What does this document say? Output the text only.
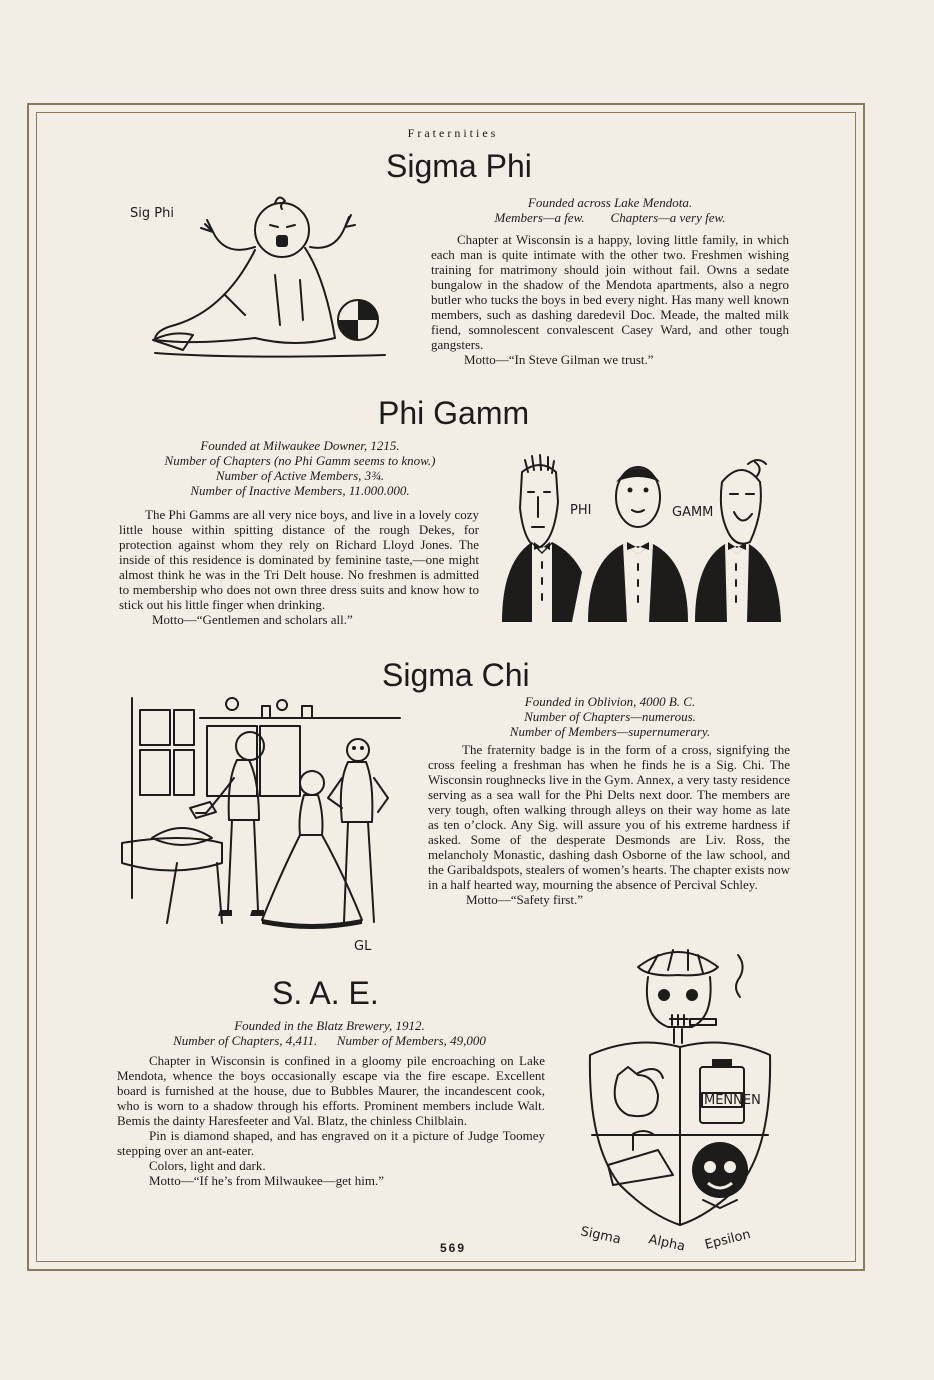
Fraternities
Sigma Phi
Sig Phi
Founded across Lake Mendota.
Members—a few.        Chapters—a very few.

Chapter at Wisconsin is a happy, loving little family, in which each man is quite intimate with the other two. Freshmen wishing training for matrimony should join without fail. Owns a sedate bungalow in the shadow of the Mendota apartments, also a negro butler who tucks the boys in bed every night. Has many well known members, such as dashing daredevil Doc. Meade, the malted milk fiend, somnolescent convalescent Casey Ward, and other tough gangsters.

Motto—“In Steve Gilman we trust.”

Phi Gamm
Founded at Milwaukee Downer, 1215.
Number of Chapters (no Phi Gamm seems to know.)
Number of Active Members, 3¾.
Number of Inactive Members, 11.000.000.

The Phi Gamms are all very nice boys, and live in a lovely cozy little house within spitting distance of the rough Dekes, for protection against whom they rely on Richard Lloyd Jones. The inside of this residence is dominated by feminine taste,—one might almost think he was in the Tri Delt house. No freshmen is admitted to membership who does not own three dress suits and know how to stick out his little finger when drinking.

Motto—“Gentlemen and scholars all.”

PHI	GAMM
Sigma Chi
GL
Founded in Oblivion, 4000 B. C.
Number of Chapters—numerous.
Number of Members—supernumerary.

The fraternity badge is in the form of a cross, signifying the cross feeling a freshman has when he finds he is a Sig. Chi. The Wisconsin roughnecks live in the Gym. Annex, a very tasty residence serving as a sea wall for the Phi Delts next door. The members are very tough, often walking through alleys on their way home as late as ten o’clock. Any Sig. will assure you of his extreme hardness if asked. Some of the desperate Desmonds are Liv. Ross, the melancholy Monastic, dashing dash Osborne of the law school, and the Garibaldspots, stealers of women’s hearts. The chapter exists now in a half hearted way, mourning the absence of Percival Schley.

Motto—“Safety first.”

S. A. E.
Founded in the Blatz Brewery, 1912.
Number of Chapters, 4,411.      Number of Members, 49,000

Chapter in Wisconsin is confined in a gloomy pile encroaching on Lake Mendota, whence the boys occasionally escape via the fire escape. Excellent board is furnished at the house, due to Bubbles Maurer, the incandescent cook, who is worn to a shadow through his efforts. Prominent members include Walt. Bemis the dainty Haresfeeter and Val. Blatz, the chinless Chilblain.

Pin is diamond shaped, and has engraved on it a picture of Judge Toomey stepping over an ant-eater.

Colors, light and dark.

Motto—“If he’s from Milwaukee—get him.”

MENNEN
Sigma Alpha Epsilon
569
